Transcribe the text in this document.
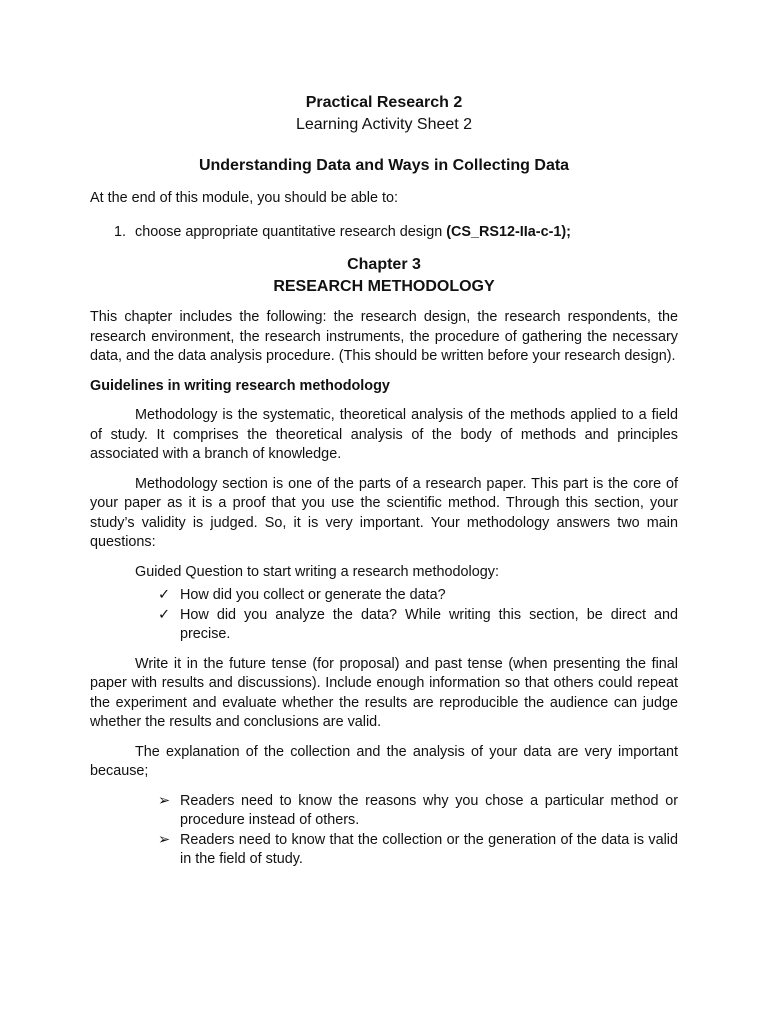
Practical Research 2
Learning Activity Sheet 2
Understanding Data and Ways in Collecting Data

At the end of this module, you should be able to:

1. choose appropriate quantitative research design (CS_RS12-IIa-c-1);
Chapter 3
RESEARCH METHODOLOGY

This chapter includes the following: the research design, the research respondents, the research environment, the research instruments, the procedure of gathering the necessary data, and the data analysis procedure. (This should be written before your research design).

Guidelines in writing research methodology

Methodology is the systematic, theoretical analysis of the methods applied to a field of study. It comprises the theoretical analysis of the body of methods and principles associated with a branch of knowledge.

Methodology section is one of the parts of a research paper. This part is the core of your paper as it is a proof that you use the scientific method. Through this section, your study’s validity is judged. So, it is very important. Your methodology answers two main questions:

Guided Question to start writing a research methodology:

✓ How did you collect or generate the data?
✓ How did you analyze the data? While writing this section, be direct and precise.

Write it in the future tense (for proposal) and past tense (when presenting the final paper with results and discussions). Include enough information so that others could repeat the experiment and evaluate whether the results are reproducible the audience can judge whether the results and conclusions are valid.

The explanation of the collection and the analysis of your data are very important because;

➢ Readers need to know the reasons why you chose a particular method or procedure instead of others.
➢ Readers need to know that the collection or the generation of the data is valid in the field of study.
